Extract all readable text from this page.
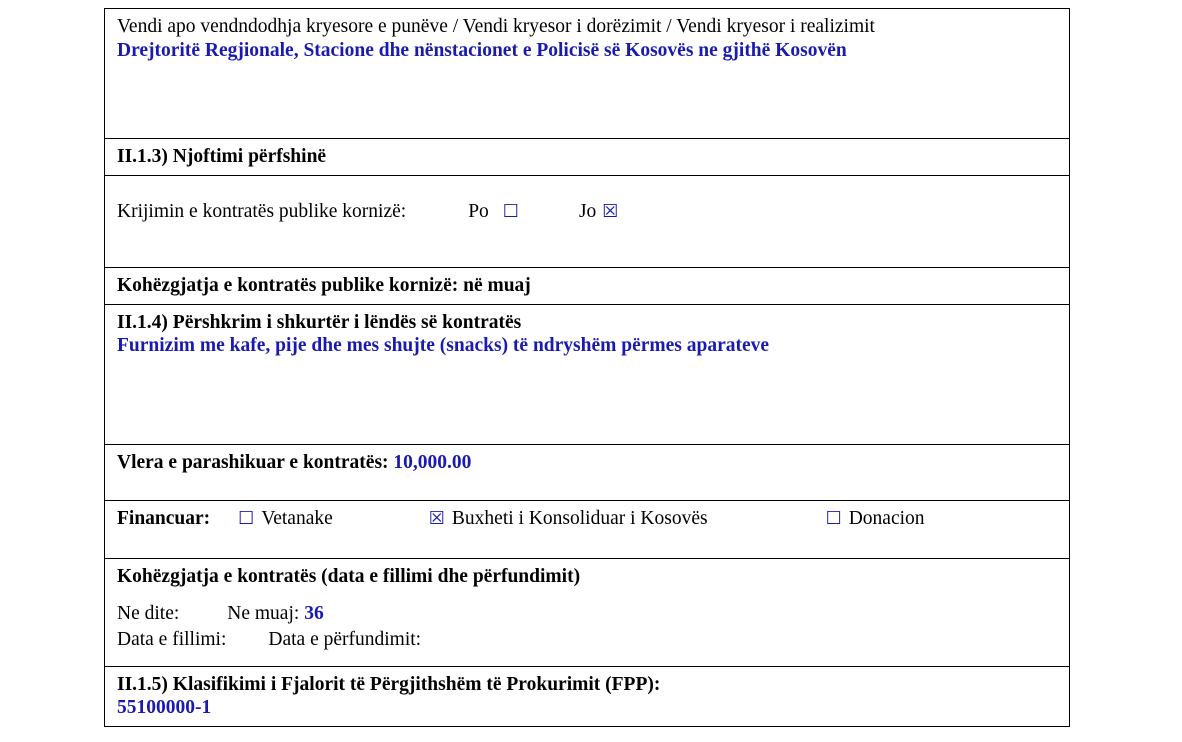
Vendi apo vendndodhja kryesore e punëve / Vendi kryesor i dorëzimit / Vendi kryesor i realizimit
Drejtoritë Regjionale, Stacione dhe nënstacionet e Policisë së Kosovës ne gjithë Kosovën

II.1.3) Njoftimi përfshinë

Krijimin e kontratës publike kornizë:	Po ☐	Jo ☒

Kohëzgjatja e kontratës publike kornizë: në muaj

II.1.4) Përshkrim i shkurtër i lëndës së kontratës
Furnizim me kafe, pije dhe mes shujte (snacks) të ndryshëm përmes aparateve

Vlera e parashikuar e kontratës: 10,000.00

Financuar: ☐ Vetanake	☒ Buxheti i Konsoliduar i Kosovës	☐ Donacion

Kohëzgjatja e kontratës (data e fillimi dhe përfundimit)
Ne dite: Ne muaj: 36
Data e fillimi: Data e përfundimit:

II.1.5) Klasifikimi i Fjalorit të Përgjithshëm të Prokurimit (FPP):
55100000-1
